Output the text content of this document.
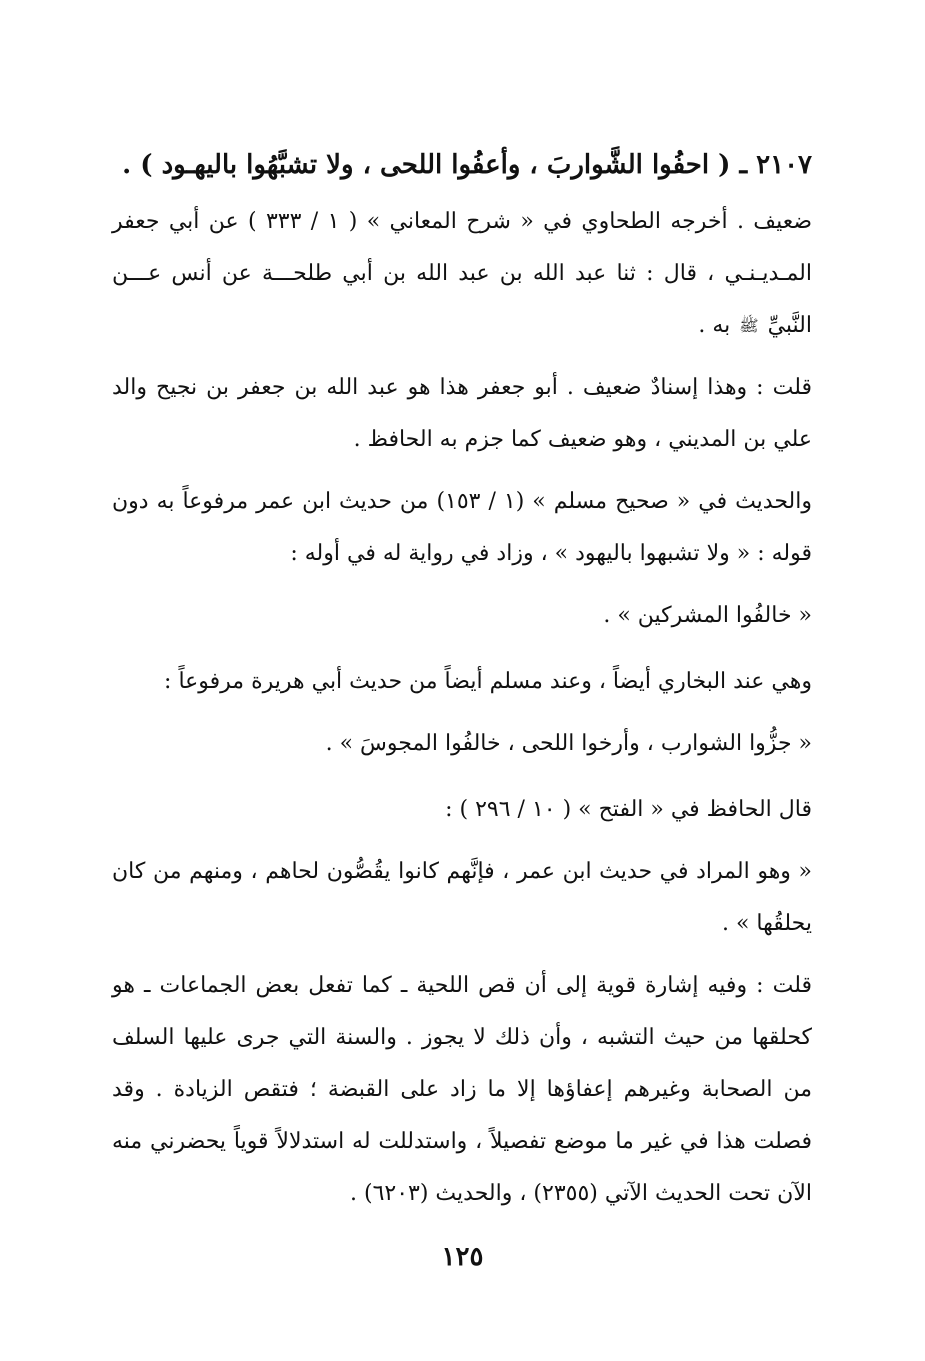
٢١٠٧ ـ ( احفُوا الشَّواربَ ، وأعفُوا اللحى ، ولا تشبَّهُوا باليهـود ) .
ضعيف . أخرجه الطحاوي في « شرح المعاني » ( ١ / ٣٣٣ ) عن أبي جعفر المـديـنـي ، قال : ثنا عبد الله بن عبد الله بن أبي طلحـــة عن أنس عـــن النَّبيِّ ﷺ به .
قلت : وهذا إسنادٌ ضعيف . أبو جعفر هذا هو عبد الله بن جعفر بن نجيح والد علي بن المديني ، وهو ضعيف كما جزم به الحافظ .
والحديث في « صحيح مسلم » (١ / ١٥٣) من حديث ابن عمر مرفوعاً به دون قوله : « ولا تشبهوا باليهود » ، وزاد في رواية له في أوله :
« خالفُوا المشركين » .
وهي عند البخاري أيضاً ، وعند مسلم أيضاً من حديث أبي هريرة مرفوعاً :
« جزُّوا الشوارب ، وأرخوا اللحى ، خالفُوا المجوسَ » .
قال الحافظ في « الفتح » ( ١٠ / ٢٩٦ ) :
« وهو المراد في حديث ابن عمر ، فإنَّهم كانوا يقُصُّون لحاهم ، ومنهم من كان يحلقُها » .
قلت : وفيه إشارة قوية إلى أن قص اللحية ـ كما تفعل بعض الجماعات ـ هو كحلقها من حيث التشبه ، وأن ذلك لا يجوز . والسنة التي جرى عليها السلف من الصحابة وغيرهم إعفاؤها إلا ما زاد على القبضة ؛ فتقص الزيادة . وقد فصلت هذا في غير ما موضع تفصيلاً ، واستدللت له استدلالاً قوياً يحضرني منه الآن تحت الحديث الآتي (٢٣٥٥) ، والحديث (٦٢٠٣) .
١٢٥
